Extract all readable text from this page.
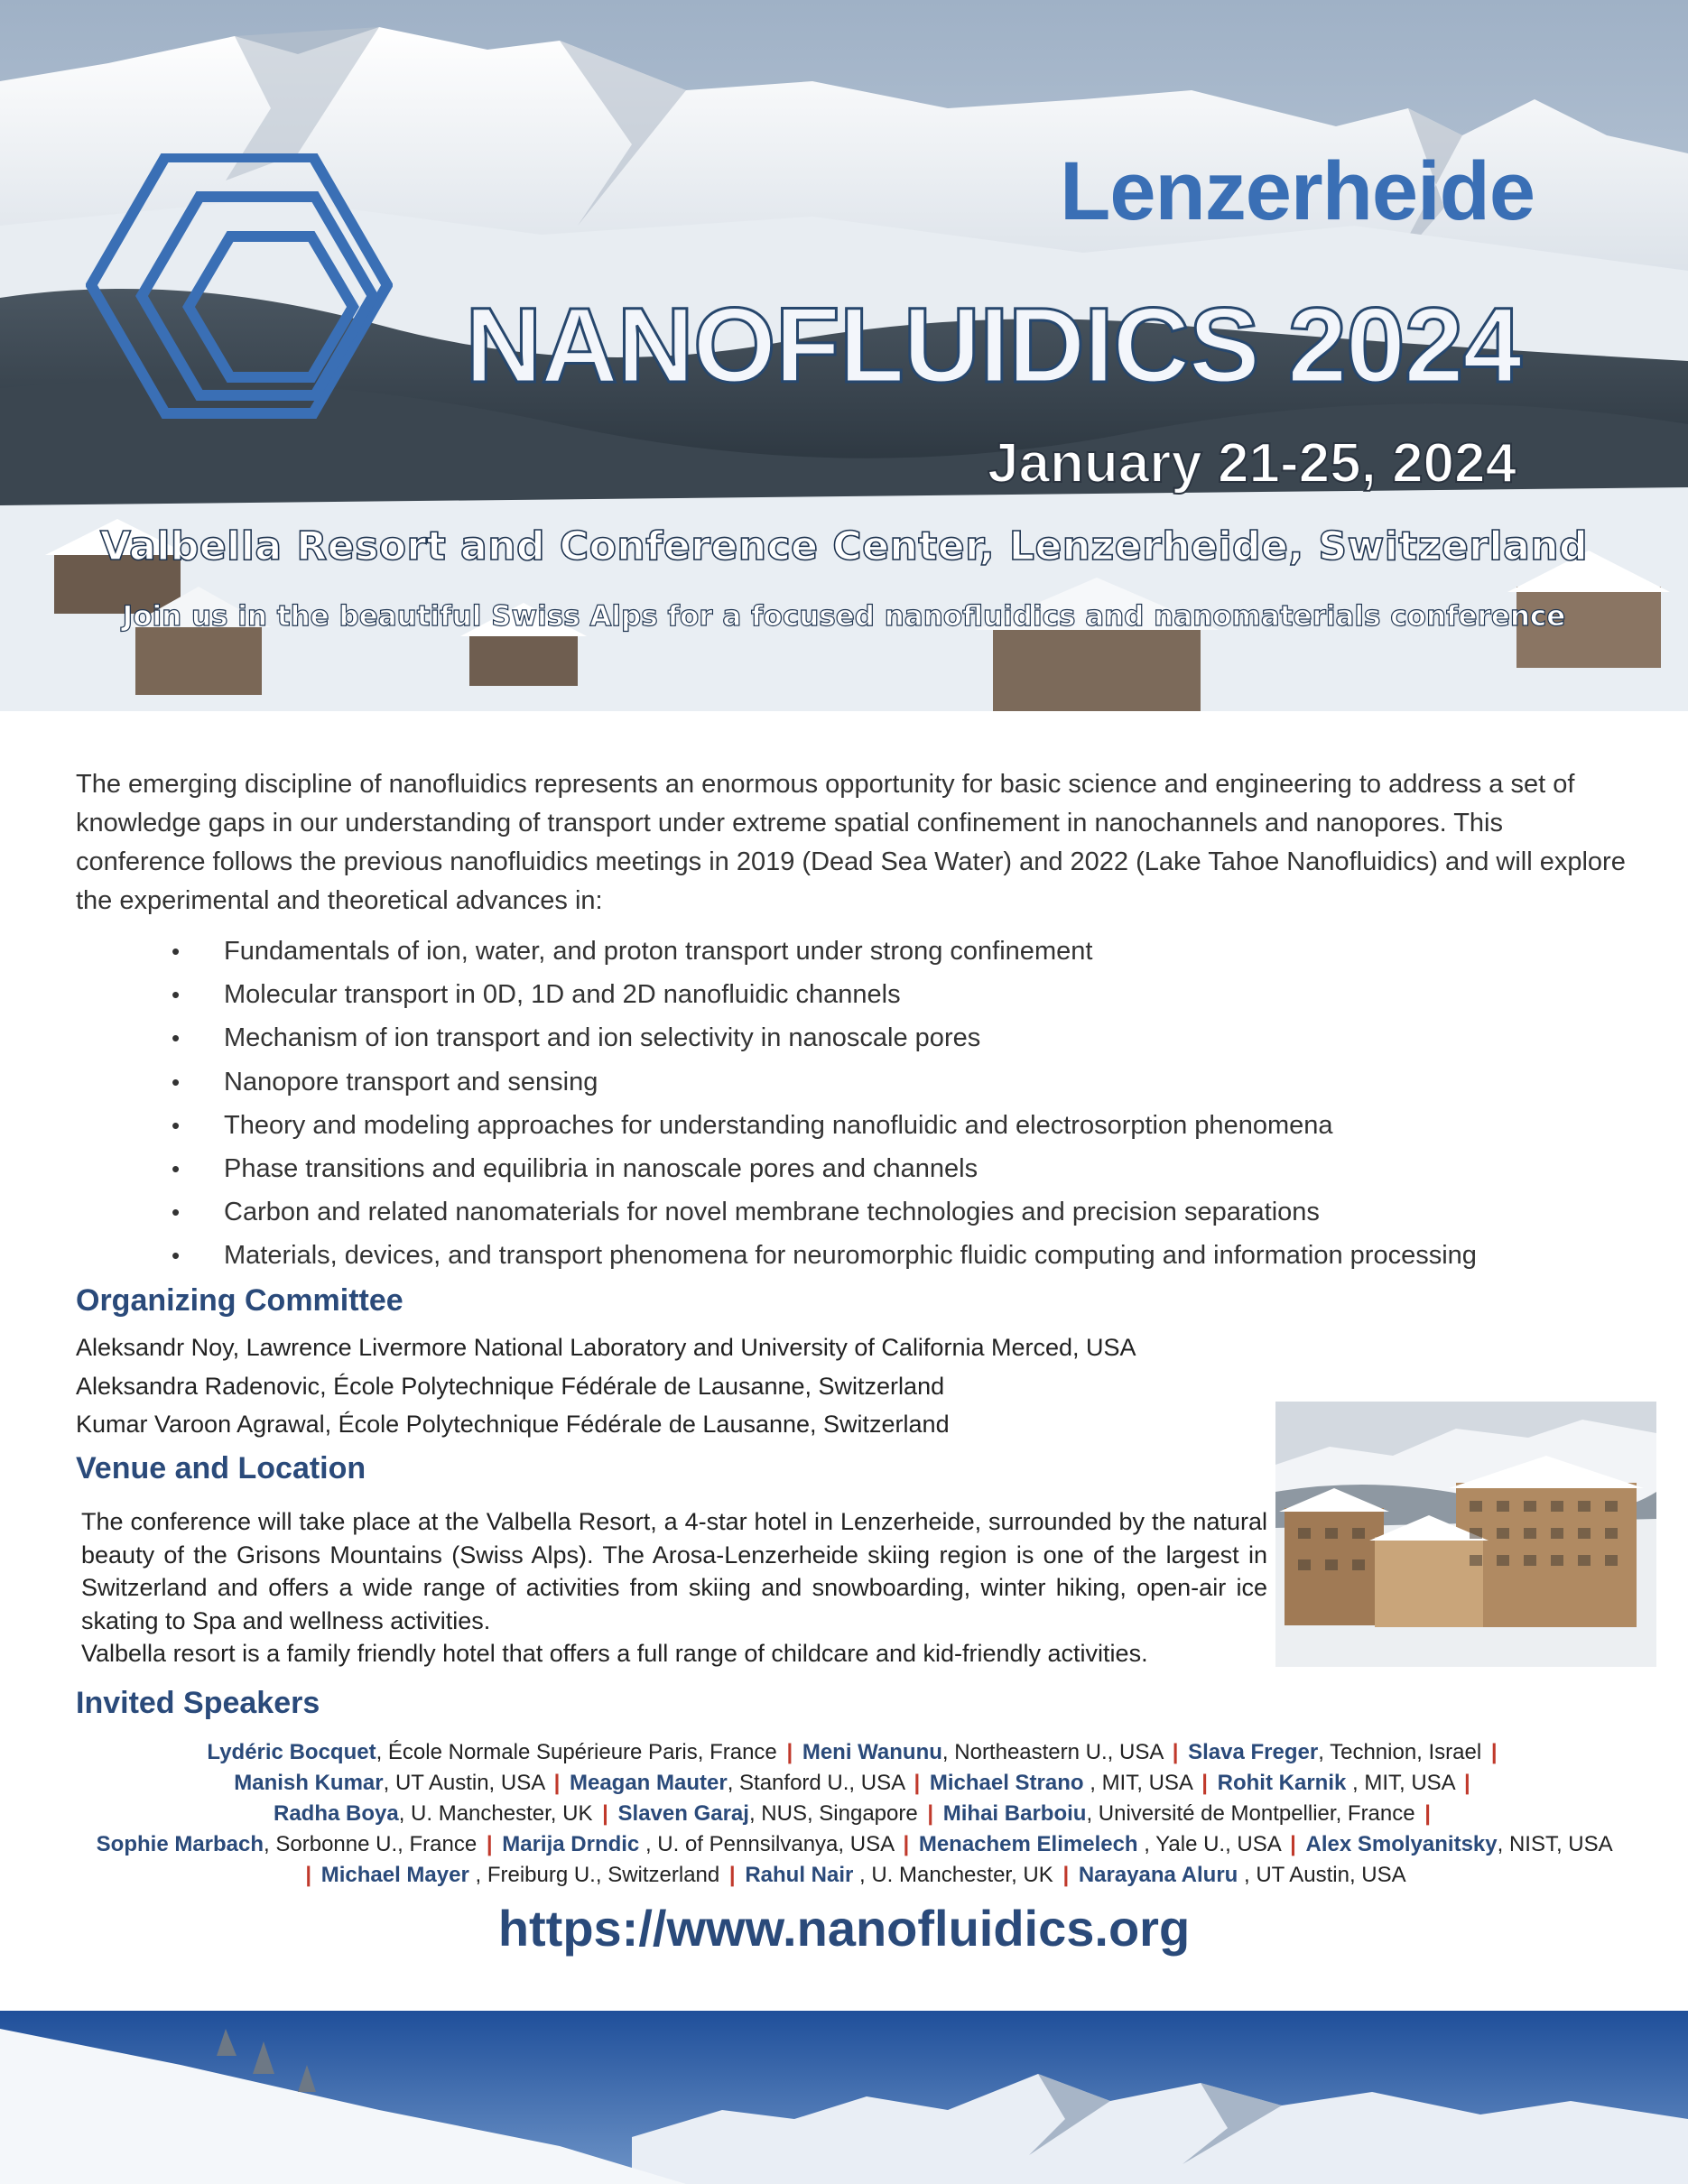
Lenzerheide
NANOFLUIDICS 2024
January 21-25, 2024
Valbella Resort and Conference Center, Lenzerheide, Switzerland
Join us in the beautiful Swiss Alps for a focused nanofluidics and nanomaterials conference
The emerging discipline of nanofluidics represents an enormous opportunity for basic science and engineering to address a set of knowledge gaps in our understanding of transport under extreme spatial confinement in nanochannels and nanopores. This conference follows the previous nanofluidics meetings in 2019 (Dead Sea Water) and 2022 (Lake Tahoe Nanofluidics) and will explore the experimental and theoretical advances in:
• Fundamentals of ion, water, and proton transport under strong confinement
• Molecular transport in 0D, 1D and 2D nanofluidic channels
• Mechanism of ion transport and ion selectivity in nanoscale pores
• Nanopore transport and sensing
• Theory and modeling approaches for understanding nanofluidic and electrosorption phenomena
• Phase transitions and equilibria in nanoscale pores and channels
• Carbon and related nanomaterials for novel membrane technologies and precision separations
• Materials, devices, and transport phenomena for neuromorphic fluidic computing and information processing
Organizing Committee
Aleksandr Noy, Lawrence Livermore National Laboratory and University of California Merced, USA
Aleksandra Radenovic, École Polytechnique Fédérale de Lausanne, Switzerland
Kumar Varoon Agrawal, École Polytechnique Fédérale de Lausanne, Switzerland
Venue and Location

The conference will take place at the Valbella Resort, a 4-star hotel in Lenzerheide, surrounded by the natural beauty of the Grisons Mountains (Swiss Alps). The Arosa-Lenzerheide skiing region is one of the largest in Switzerland and offers a wide range of activities from skiing and snowboarding, winter hiking, open-air ice skating to Spa and wellness activities.

Valbella resort is a family friendly hotel that offers a full range of childcare and kid-friendly activities.

Invited Speakers
Lydéric Bocquet, École Normale Supérieure Paris, France | Meni Wanunu, Northeastern U., USA | Slava Freger, Technion, Israel | Manish Kumar, UT Austin, USA | Meagan Mauter, Stanford U., USA | Michael Strano , MIT, USA | Rohit Karnik , MIT, USA | Radha Boya, U. Manchester, UK | Slaven Garaj, NUS, Singapore | Mihai Barboiu, Université de Montpellier, France | Sophie Marbach, Sorbonne U., France | Marija Drndic , U. of Pennsilvanya, USA | Menachem Elimelech , Yale U., USA | Alex Smolyanitsky, NIST, USA | Michael Mayer , Freiburg U., Switzerland | Rahul Nair , U. Manchester, UK | Narayana Aluru , UT Austin, USA
https://www.nanofluidics.org
